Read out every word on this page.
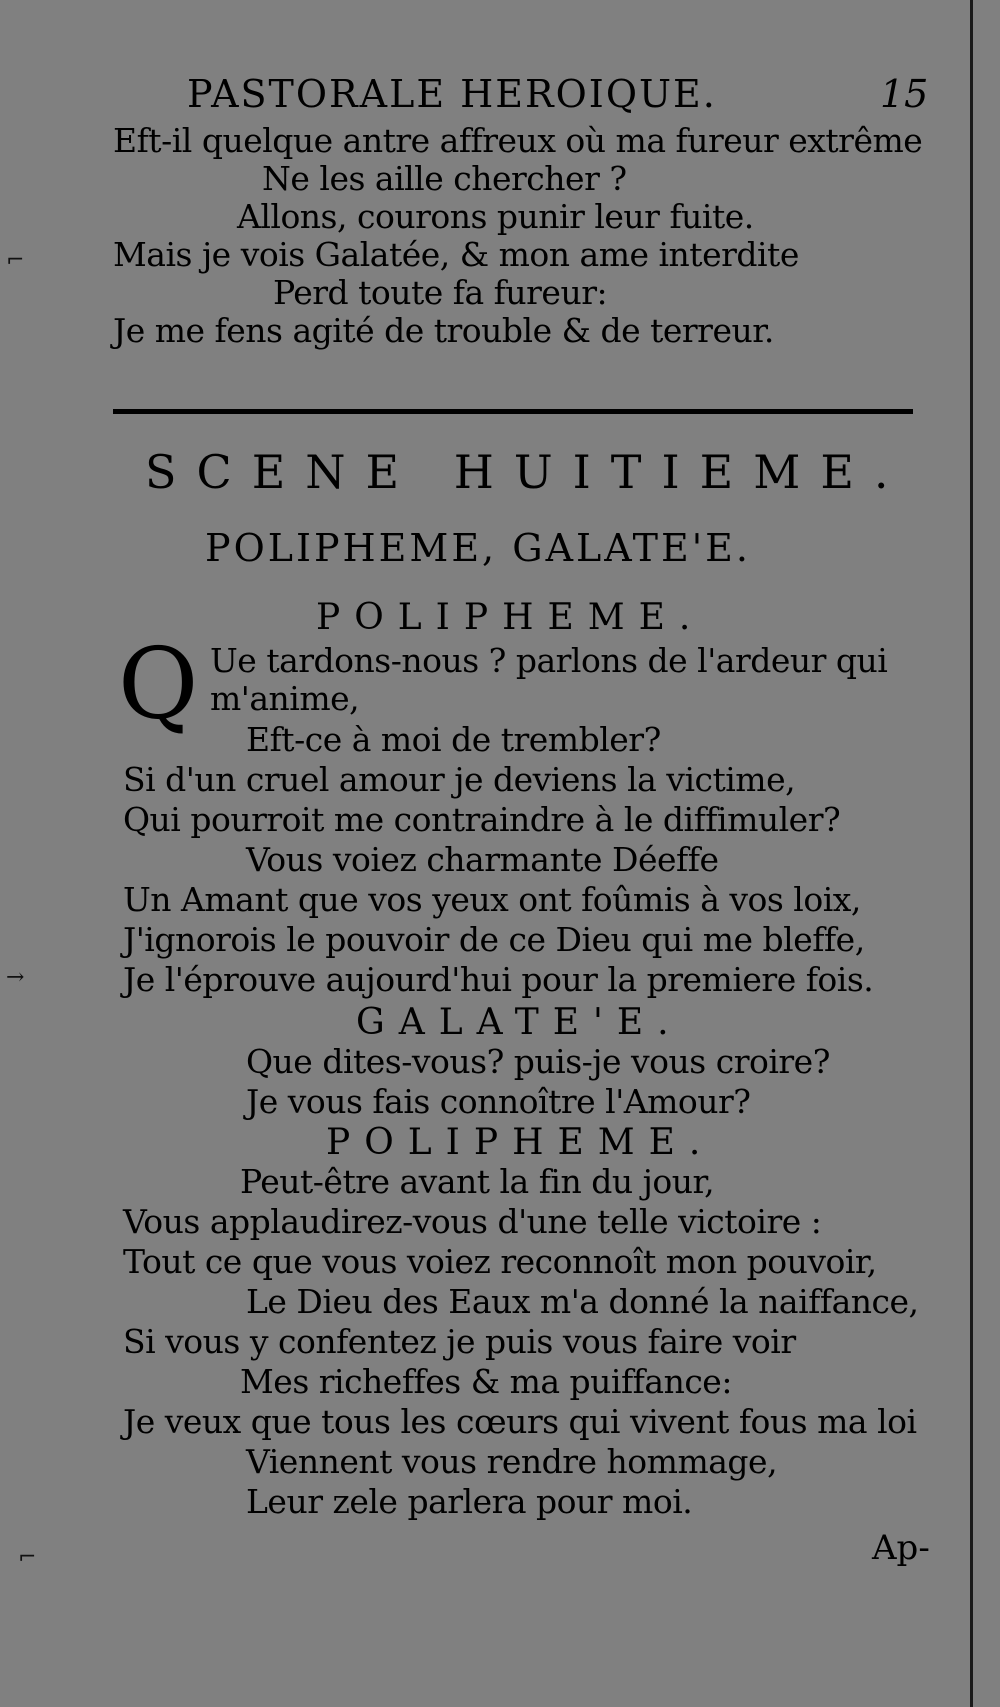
PASTORALE HEROIQUE.	15
Eft-il quelque antre affreux où ma fureur extrême
Ne les aille chercher ?
Allons, courons punir leur fuite.
Mais je vois Galatée, & mon ame interdite
Perd toute fa fureur:
Je me fens agité de trouble & de terreur.
SCENE HUITIEME.
POLIPHEME, GALATE'E.
POLIPHEME.
Q Ue tardons-nous ? parlons de l'ardeur qui
m'anime,
Eft-ce à moi de trembler?
Si d'un cruel amour je deviens la victime,
Qui pourroit me contraindre à le diffimuler?
Vous voiez charmante Déeffe
Un Amant que vos yeux ont foûmis à vos loix,
J'ignorois le pouvoir de ce Dieu qui me bleffe,
Je l'éprouve aujourd'hui pour la premiere fois.
GALATE'E.
Que dites-vous? puis-je vous croire?
Je vous fais connoître l'Amour?
POLIPHEME.
Peut-être avant la fin du jour,
Vous applaudirez-vous d'une telle victoire :
Tout ce que vous voiez reconnoît mon pouvoir,
Le Dieu des Eaux m'a donné la naiffance,
Si vous y confentez je puis vous faire voir
Mes richeffes & ma puiffance:
Je veux que tous les cœurs qui vivent fous ma loi
Viennent vous rendre hommage,
Leur zele parlera pour moi.
Ap-
⌐
→
⌐
